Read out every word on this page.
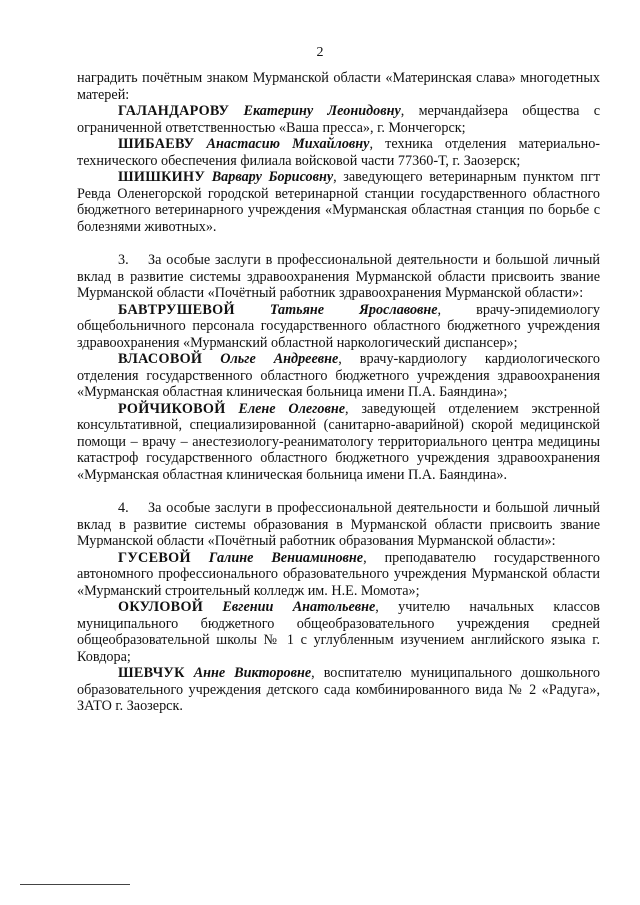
2

наградить почётным знаком Мурманской области «Материнская слава» многодетных матерей:

ГАЛАНДАРОВУ Екатерину Леонидовну, мерчандайзера общества с ограниченной ответственностью «Ваша пресса», г. Мончегорск;

ШИБАЕВУ Анастасию Михайловну, техника отделения материально-технического обеспечения филиала войсковой части 77360-Т, г. Заозерск;

ШИШКИНУ Варвару Борисовну, заведующего ветеринарным пунктом пгт Ревда Оленегорской городской ветеринарной станции государственного областного бюджетного ветеринарного учреждения «Мурманская областная станция по борьбе с болезнями животных».

3. За особые заслуги в профессиональной деятельности и большой личный вклад в развитие системы здравоохранения Мурманской области присвоить звание Мурманской области «Почётный работник здравоохранения Мурманской области»:

БАВТРУШЕВОЙ Татьяне Ярославовне, врачу-эпидемиологу общебольничного персонала государственного областного бюджетного учреждения здравоохранения «Мурманский областной наркологический диспансер»;

ВЛАСОВОЙ Ольге Андреевне, врачу-кардиологу кардиологического отделения государственного областного бюджетного учреждения здравоохранения «Мурманская областная клиническая больница имени П.А. Баяндина»;

РОЙЧИКОВОЙ Елене Олеговне, заведующей отделением экстренной консультативной, специализированной (санитарно-аварийной) скорой медицинской помощи – врачу – анестезиологу-реаниматологу территориального центра медицины катастроф государственного областного бюджетного учреждения здравоохранения «Мурманская областная клиническая больница имени П.А. Баяндина».

4. За особые заслуги в профессиональной деятельности и большой личный вклад в развитие системы образования в Мурманской области присвоить звание Мурманской области «Почётный работник образования Мурманской области»:

ГУСЕВОЙ Галине Вениаминовне, преподавателю государственного автономного профессионального образовательного учреждения Мурманской области «Мурманский строительный колледж им. Н.Е. Момота»;

ОКУЛОВОЙ Евгении Анатольевне, учителю начальных классов муниципального бюджетного общеобразовательного учреждения средней общеобразовательной школы № 1 с углубленным изучением английского языка г. Ковдора;

ШЕВЧУК Анне Викторовне, воспитателю муниципального дошкольного образовательного учреждения детского сада комбинированного вида № 2 «Радуга», ЗАТО г. Заозерск.
